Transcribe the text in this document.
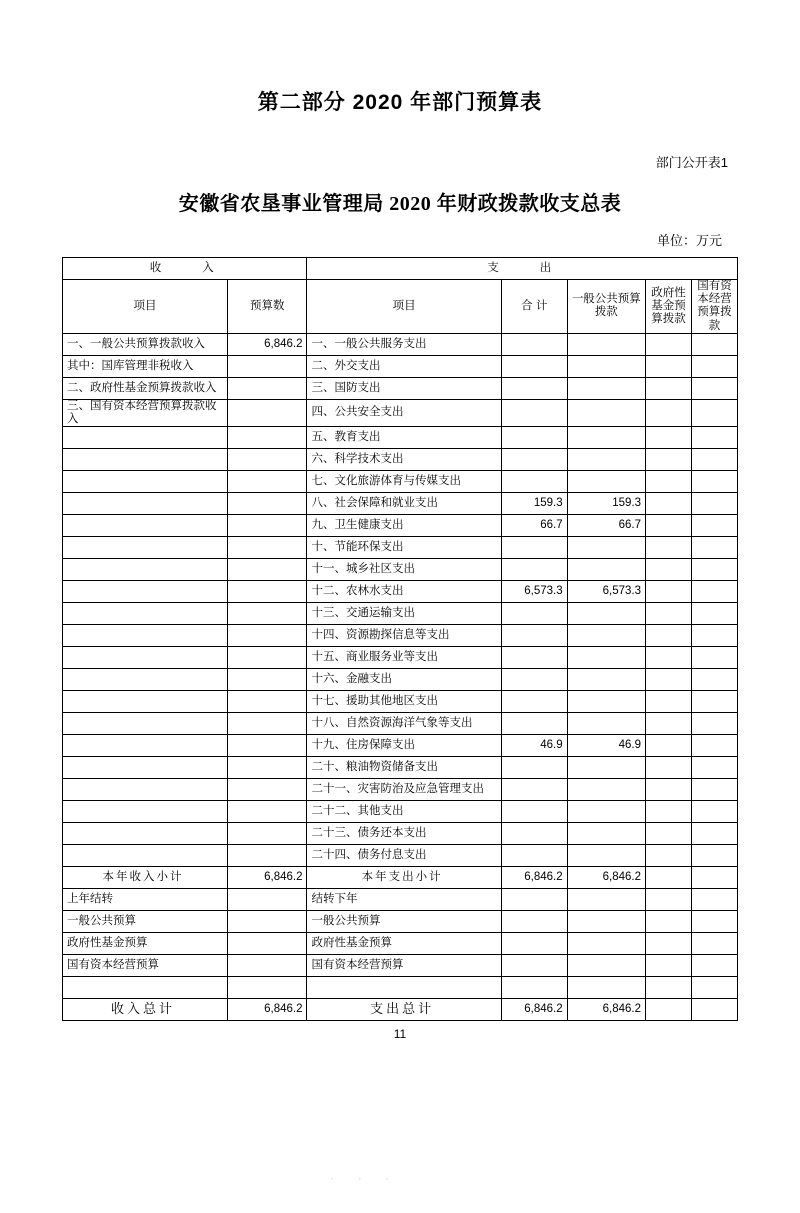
第二部分 2020 年部门预算表
部门公开表1
安徽省农垦事业管理局 2020 年财政拨款收支总表
单位：万元
收　　入		支　　出				
项目	预算数	项目	合 计	一般公共预算拨款	政府性基金预算拨款	国有资本经营预算拨款
一、一般公共预算拨款收入	6,846.2	一、一般公共服务支出				
其中：国库管理非税收入		二、外交支出				
二、政府性基金预算拨款收入		三、国防支出				
三、国有资本经营预算拨款收入		四、公共安全支出				
		五、教育支出				
		六、科学技术支出				
		七、文化旅游体育与传媒支出				
		八、社会保障和就业支出	159.3	159.3		
		九、卫生健康支出	66.7	66.7		
		十、节能环保支出				
		十一、城乡社区支出				
		十二、农林水支出	6,573.3	6,573.3		
		十三、交通运输支出				
		十四、资源勘探信息等支出				
		十五、商业服务业等支出				
		十六、金融支出				
		十七、援助其他地区支出				
		十八、自然资源海洋气象等支出				
		十九、住房保障支出	46.9	46.9		
		二十、粮油物资储备支出				
		二十一、灾害防治及应急管理支出				
		二十二、其他支出				
		二十三、债务还本支出				
		二十四、债务付息支出				
本年收入小计	6,846.2	本年支出小计	6,846.2	6,846.2		
上年结转		结转下年				
一般公共预算		一般公共预算				
政府性基金预算		政府性基金预算				
国有资本经营预算		国有资本经营预算				

收入总计	6,846.2	支出总计	6,846.2	6,846.2		
11
· · ·
